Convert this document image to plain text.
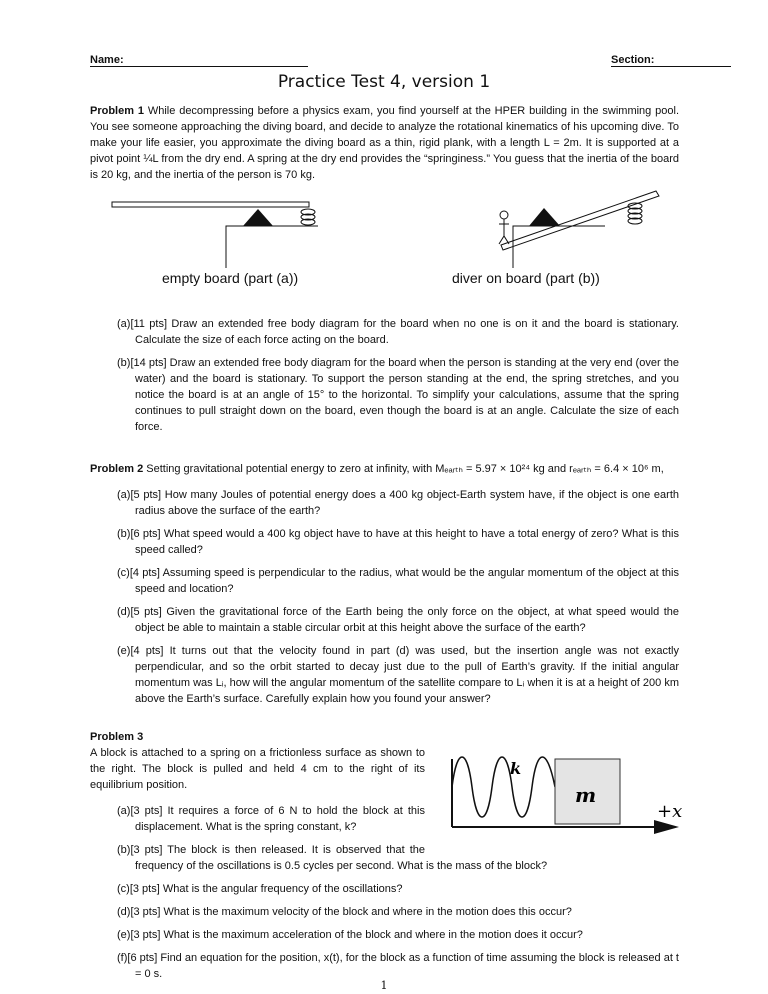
Name:	Section:
Practice Test 4, version 1

Problem 1 While decompressing before a physics exam, you find yourself at the HPER building in the swimming pool. You see someone approaching the diving board, and decide to analyze the rotational kinematics of his upcoming dive. To make your life easier, you approximate the diving board as a thin, rigid plank, with a length L = 2m. It is supported at a pivot point ¼L from the dry end. A spring at the dry end provides the “springiness.” You guess that the inertia of the board is 20 kg, and the inertia of the person is 70 kg.

empty board (part (a))	diver on board (part (b))
(a)[11 pts] Draw an extended free body diagram for the board when no one is on it and the board is stationary. Calculate the size of each force acting on the board.
(b)[14 pts] Draw an extended free body diagram for the board when the person is standing at the very end (over the water) and the board is stationary. To support the person standing at the end, the spring stretches, and you notice the board is at an angle of 15° to the horizontal. To simplify your calculations, assume that the spring continues to pull straight down on the board, even though the board is at an angle. Calculate the size of each force.

Problem 2 Setting gravitational potential energy to zero at infinity, with Mₑₐᵣₜₕ = 5.97 × 10²⁴ kg and rₑₐᵣₜₕ = 6.4 × 10⁶ m,

(a)[5 pts] How many Joules of potential energy does a 400 kg object-Earth system have, if the object is one earth radius above the surface of the earth?
(b)[6 pts] What speed would a 400 kg object have to have at this height to have a total energy of zero? What is this speed called?
(c)[4 pts] Assuming speed is perpendicular to the radius, what would be the angular momentum of the object at this speed and location?
(d)[5 pts] Given the gravitational force of the Earth being the only force on the object, at what speed would the object be able to maintain a stable circular orbit at this height above the surface of the earth?
(e)[4 pts] It turns out that the velocity found in part (d) was used, but the insertion angle was not exactly perpendicular, and so the orbit started to decay just due to the pull of Earth’s gravity. If the initial angular momentum was Lᵢ, how will the angular momentum of the satellite compare to Lᵢ when it is at a height of 200 km above the Earth’s surface. Carefully explain how you found your answer?
Problem 3
k
m
+x

A block is attached to a spring on a frictionless surface as shown to the right. The block is pulled and held 4 cm to the right of its equilibrium position.

(a)[3 pts] It requires a force of 6 N to hold the block at this displacement. What is the spring constant, k?
(b)[3 pts] The block is then released. It is observed that the frequency of the oscillations is 0.5 cycles per second. What is the mass of the block?
(c)[3 pts] What is the angular frequency of the oscillations?
(d)[3 pts] What is the maximum velocity of the block and where in the motion does this occur?
(e)[3 pts] What is the maximum acceleration of the block and where in the motion does it occur?
(f)[6 pts] Find an equation for the position, x(t), for the block as a function of time assuming the block is released at t = 0 s.
1
